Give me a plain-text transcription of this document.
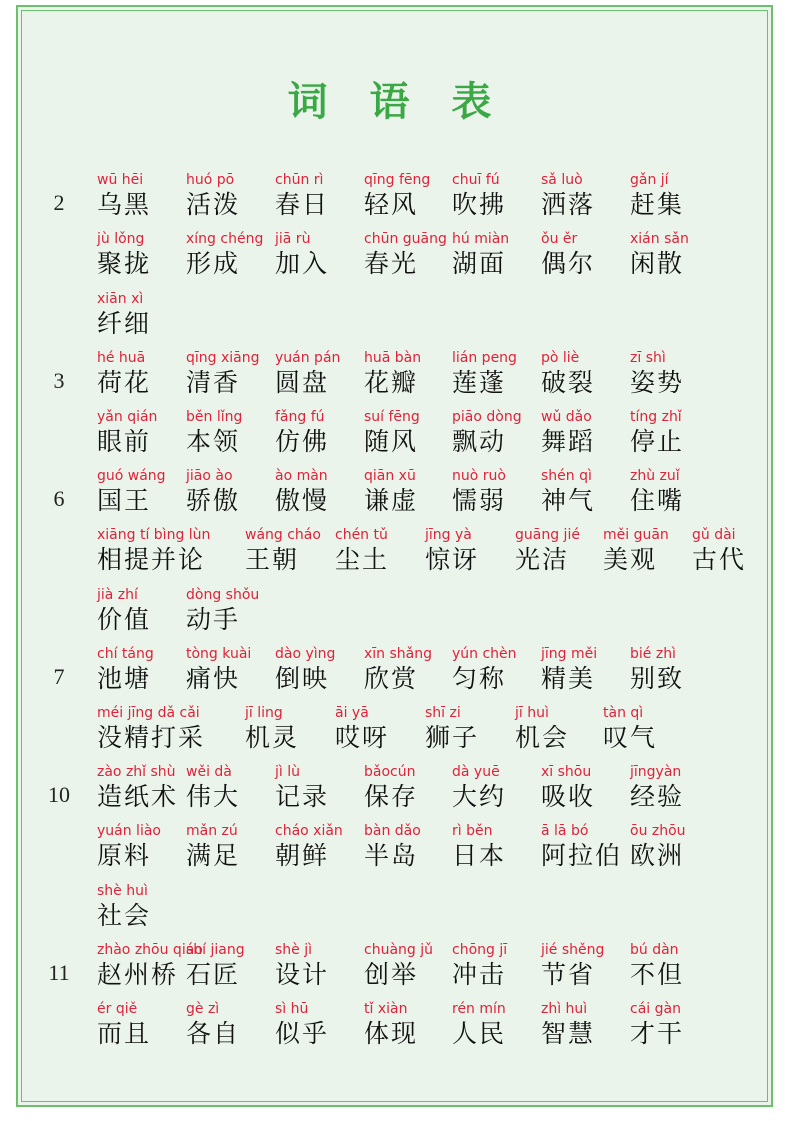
词 语 表
2
wū hēi
乌黑
huó pō
活泼
chūn rì
春日
qīng fēng
轻风
chuī fú
吹拂
sǎ luò
洒落
gǎn jí
赶集
jù lǒng
聚拢
xíng chéng
形成
jiā rù
加入
chūn guāng
春光
hú miàn
湖面
ǒu ěr
偶尔
xián sǎn
闲散
xiān xì
纤细
3
hé huā
荷花
qīng xiāng
清香
yuán pán
圆盘
huā bàn
花瓣
lián peng
莲蓬
pò liè
破裂
zī shì
姿势
yǎn qián
眼前
běn lǐng
本领
fǎng fú
仿佛
suí fēng
随风
piāo dòng
飘动
wǔ dǎo
舞蹈
tíng zhǐ
停止
6
guó wáng
国王
jiāo ào
骄傲
ào màn
傲慢
qiān xū
谦虚
nuò ruò
懦弱
shén qì
神气
zhù zuǐ
住嘴
xiāng tí bìng lùn
相提并论
wáng cháo
王朝
chén tǔ
尘土
jīng yà
惊讶
guāng jié
光洁
měi guān
美观
gǔ dài
古代
jià zhí
价值
dòng shǒu
动手
7
chí táng
池塘
tòng kuài
痛快
dào yìng
倒映
xīn shǎng
欣赏
yún chèn
匀称
jīng měi
精美
bié zhì
别致
méi jīng dǎ cǎi
没精打采
jī ling
机灵
āi yā
哎呀
shī zi
狮子
jī huì
机会
tàn qì
叹气
10
zào zhǐ shù
造纸术
wěi dà
伟大
jì lù
记录
bǎocún
保存
dà yuē
大约
xī shōu
吸收
jīngyàn
经验
yuán liào
原料
mǎn zú
满足
cháo xiǎn
朝鲜
bàn dǎo
半岛
rì běn
日本
ā lā bó
阿拉伯
ōu zhōu
欧洲
shè huì
社会
11
zhào zhōu qiáo
赵州桥
shí jiang
石匠
shè jì
设计
chuàng jǔ
创举
chōng jī
冲击
jié shěng
节省
bú dàn
不但
ér qiě
而且
gè zì
各自
sì hū
似乎
tǐ xiàn
体现
rén mín
人民
zhì huì
智慧
cái gàn
才干
